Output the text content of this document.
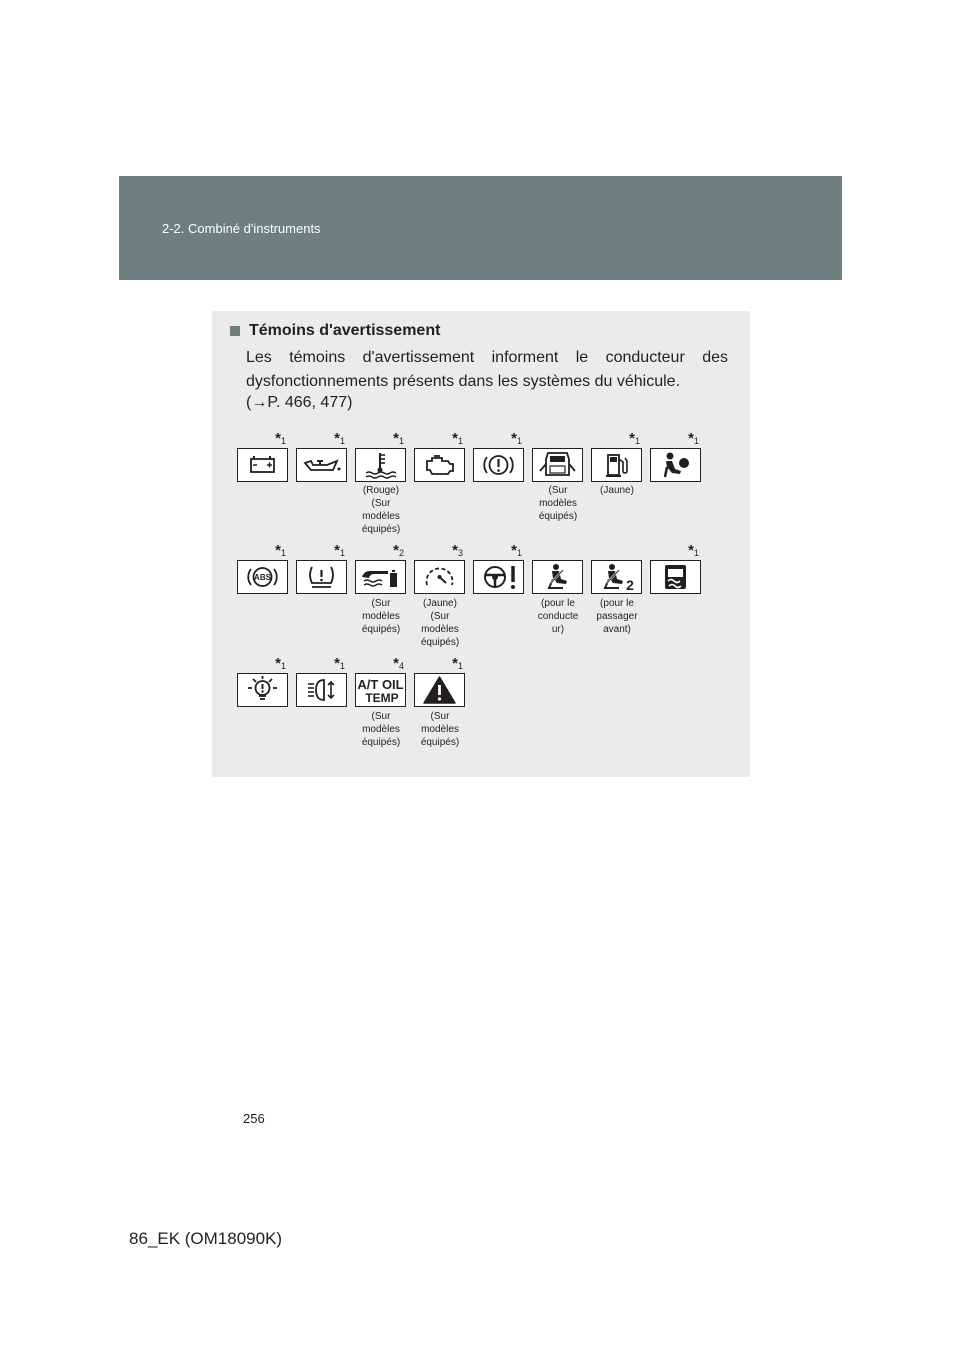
2-2. Combiné d'instruments
Témoins d'avertissement
Les témoins d'avertissement informent le conducteur des dysfonctionnements présents dans les systèmes du véhicule.
(→P. 466, 477)
$*_1$	$*_1$	$*_1$	$*_1$	$*_1$	$*_1$	$*_1$
(Rouge)
(Sur
modèles
équipés)
(Sur
modèles
équipés)
(Jaune)
$*_1$	$*_1$	$*_2$	$*_3$	$*_1$	$*_1$
ABS	2
(Sur
modèles
équipés)
(Jaune)
(Sur
modèles
équipés)
(pour le
conducte
ur)
(pour le
passager
avant)
$*_1$	$*_1$	$*_4$	$*_1$
A/T OIL
TEMP
(Sur
modèles
équipés)
(Sur
modèles
équipés)
256
86_EK (OM18090K)
